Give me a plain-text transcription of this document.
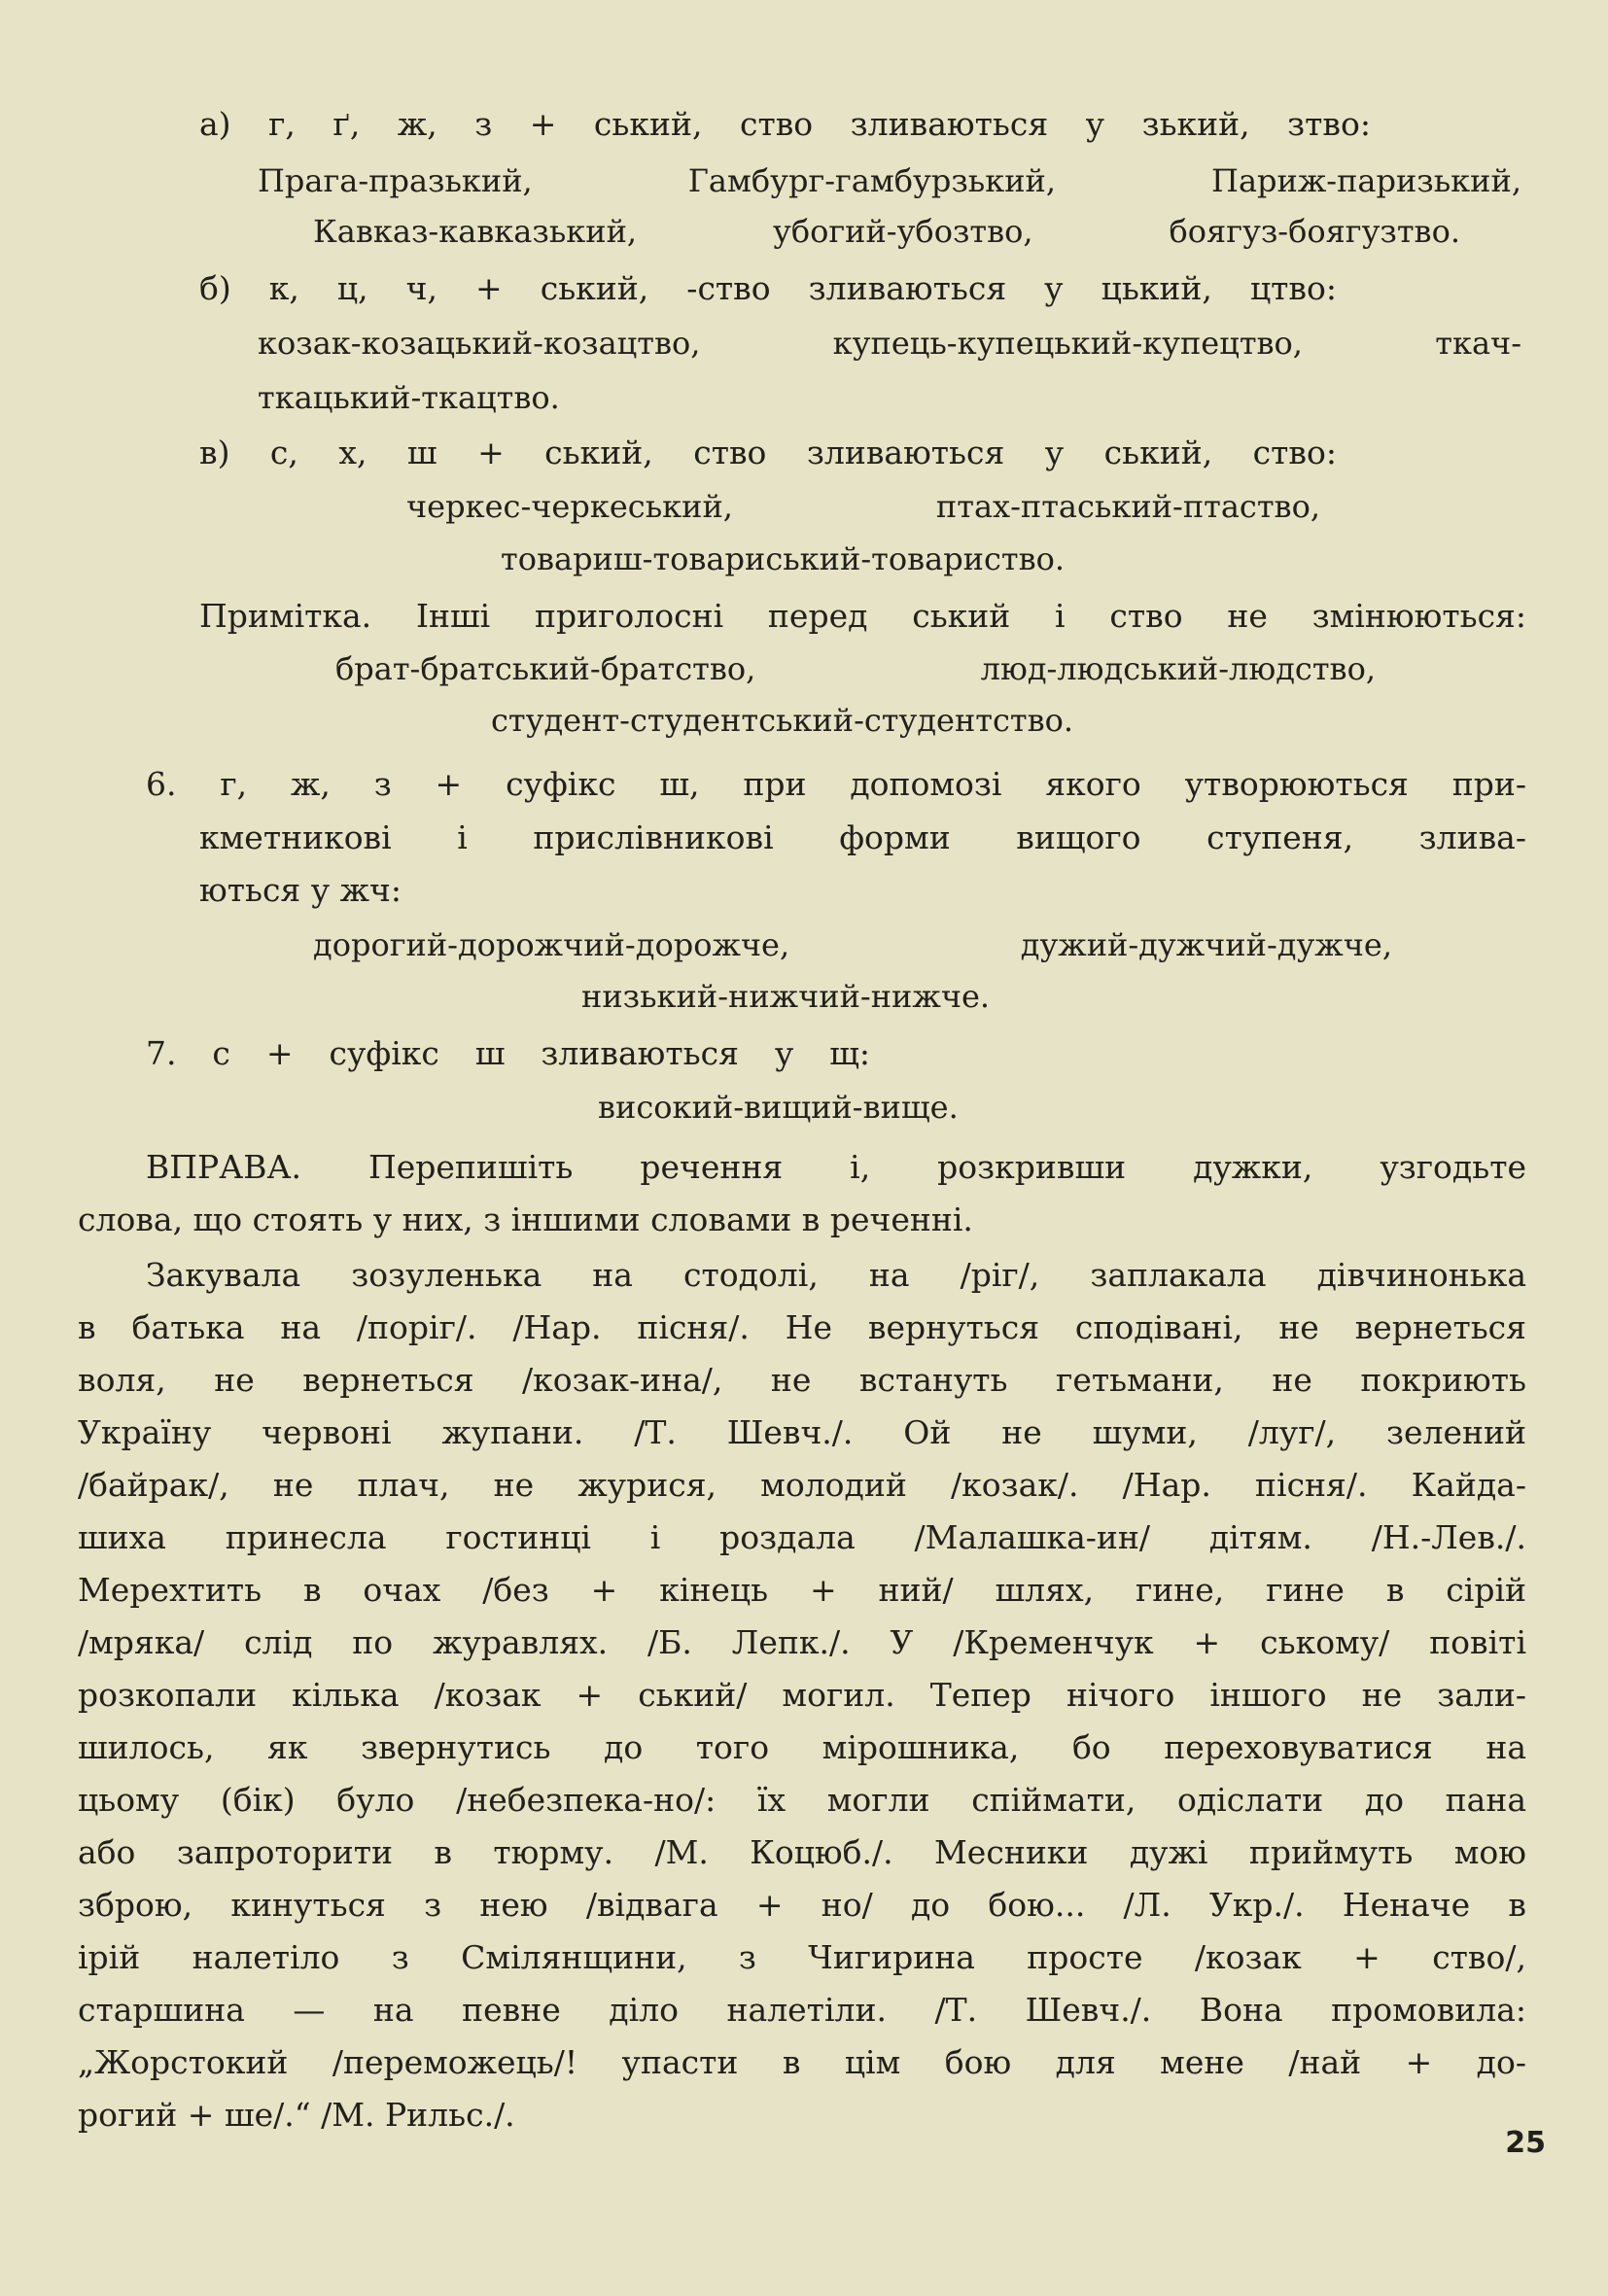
а) г, ґ, ж, з + ський, ство зливаються у зький, зтво:

Прага-празький, Гамбург-гамбурзький, Париж-паризький,

Кавказ-кавказький, убогий-убозтво, боягуз-боягузтво.

б) к, ц, ч, + ський, -ство зливаються у цький, цтво:

козак-козацький-козацтво, купець-купецький-купецтво, ткач-

ткацький-ткацтво.

в) с, х, ш + ський, ство зливаються у ський, ство:

черкес-черкеський, птах-птаський-птаство,

товариш-товариський-товариство.

Примітка. Інші приголосні перед ський і ство не змінюються:

брат-братський-братство, люд-людський-людство,

студент-студентський-студентство.

6. г, ж, з + суфікс ш, при допомозі якого утворюються при-

кметникові і прислівникові форми вищого ступеня, злива-

ються у жч:

дорогий-дорожчий-дорожче, дужий-дужчий-дужче,

низький-нижчий-нижче.

7. с + суфікс ш зливаються у щ:

високий-вищий-вище.

ВПРАВА. Перепишіть речення і, розкривши дужки, узгодьте

слова, що стоять у них, з іншими словами в реченні.

Закувала зозуленька на стодолі, на /ріг/, заплакала дівчинонька

в батька на /поріг/. /Нар. пісня/. Не вернуться сподівані, не вернеться

воля, не вернеться /козак-ина/, не встануть гетьмани, не покриють

Україну червоні жупани. /Т. Шевч./. Ой не шуми, /луг/, зелений

/байрак/, не плач, не журися, молодий /козак/. /Нар. пісня/. Кайда-

шиха принесла гостинці і роздала /Малашка-ин/ дітям. /Н.-Лев./.

Мерехтить в очах /без + кінець + ний/ шлях, гине, гине в сірій

/мряка/ слід по журавлях. /Б. Лепк./. У /Кременчук + ському/ повіті

розкопали кілька /козак + ський/ могил. Тепер нічого іншого не зали-

шилось, як звернутись до того мірошника, бо переховуватися на

цьому (бік) було /небезпека-но/: їх могли спіймати, одіслати до пана

або запроторити в тюрму. /М. Коцюб./. Месники дужі приймуть мою

зброю, кинуться з нею /відвага + но/ до бою... /Л. Укр./. Неначе в

ірій налетіло з Смілянщини, з Чигирина просте /козак + ство/,

старшина — на певне діло налетіли. /Т. Шевч./. Вона промовила:

„Жорстокий /переможець/! упасти в цім бою для мене /най + до-

рогий + ше/.“ /М. Рильс./.

25
